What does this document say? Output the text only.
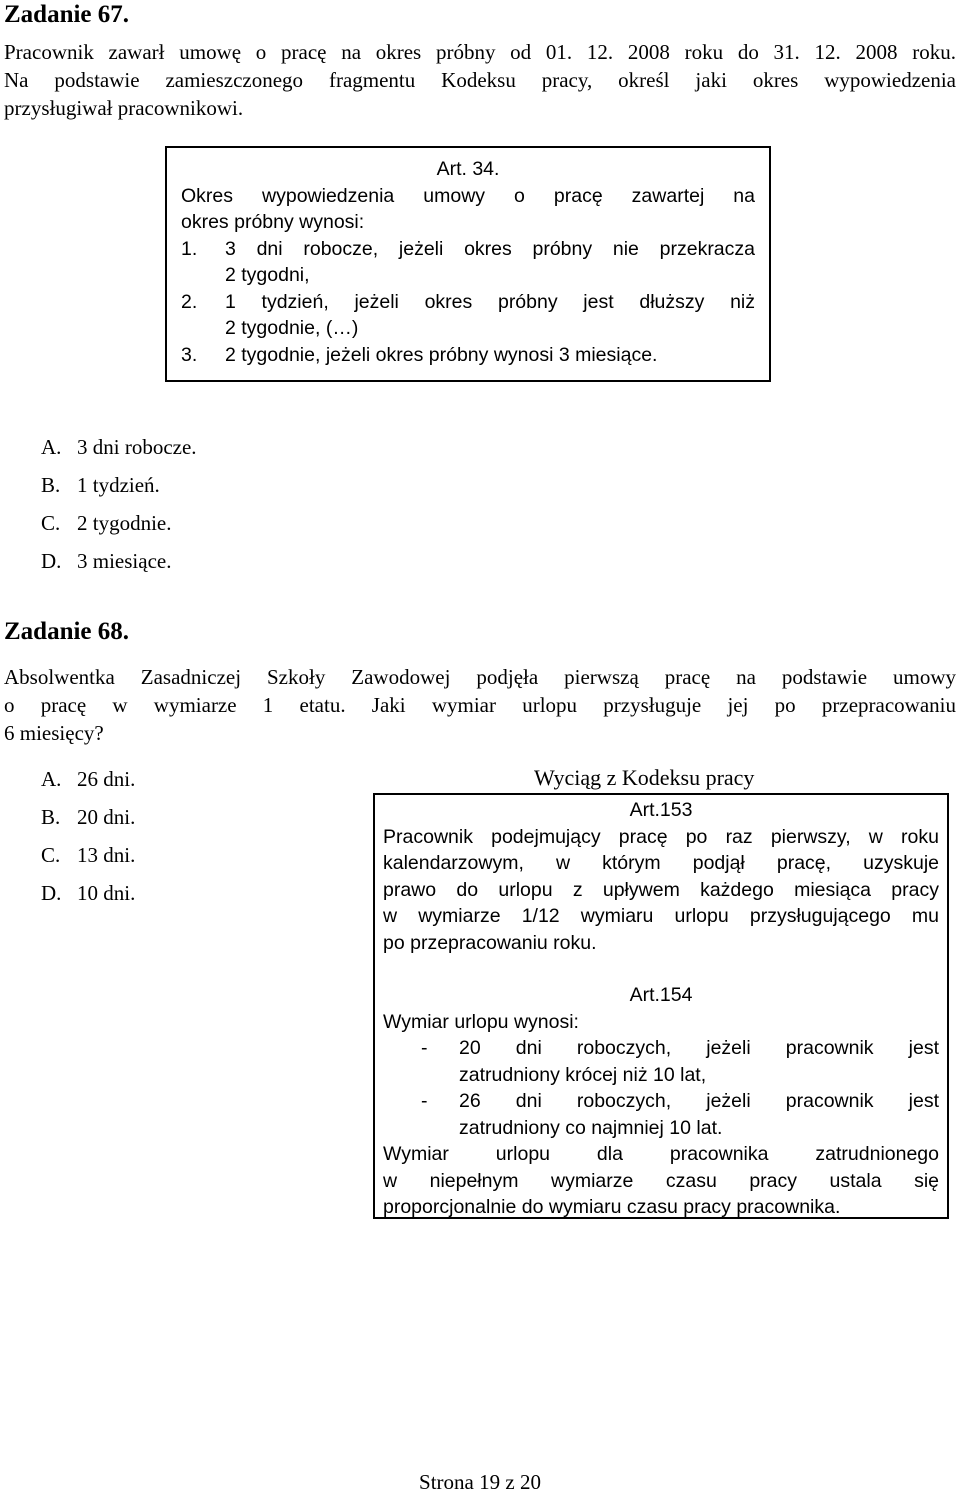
Zadanie 67.
Pracownik zawarł umowę o pracę na okres próbny od 01. 12. 2008 roku do 31. 12. 2008 roku.
Na podstawie zamieszczonego fragmentu Kodeksu pracy, określ jaki okres wypowiedzenia
przysługiwał pracownikowi.
Art. 34.
Okres wypowiedzenia umowy o pracę zawartej na
okres próbny wynosi:
1. 3 dni robocze, jeżeli okres próbny nie przekracza
2 tygodni,
2. 1 tydzień, jeżeli okres próbny jest dłuższy niż
2 tygodnie, (…)
3. 2 tygodnie, jeżeli okres próbny wynosi 3 miesiące.
A. 3 dni robocze.
B. 1 tydzień.
C. 2 tygodnie.
D. 3 miesiące.
Zadanie 68.
Absolwentka Zasadniczej Szkoły Zawodowej podjęła pierwszą pracę na podstawie umowy
o pracę w wymiarze 1 etatu. Jaki wymiar urlopu przysługuje jej po przepracowaniu
6 miesięcy?
A. 26 dni.
B. 20 dni.
C. 13 dni.
D. 10 dni.
Wyciąg z Kodeksu pracy
Art.153
Pracownik podejmujący pracę po raz pierwszy, w roku
kalendarzowym, w którym podjął pracę, uzyskuje
prawo do urlopu z upływem każdego miesiąca pracy
w wymiarze 1/12 wymiaru urlopu przysługującego mu
po przepracowaniu roku.
Art.154
Wymiar urlopu wynosi:
- 20 dni roboczych, jeżeli pracownik jest
zatrudniony krócej niż 10 lat,
- 26 dni roboczych, jeżeli pracownik jest
zatrudniony co najmniej 10 lat.
Wymiar urlopu dla pracownika zatrudnionego
w niepełnym wymiarze czasu pracy ustala się
proporcjonalnie do wymiaru czasu pracy pracownika.
Strona 19 z 20
